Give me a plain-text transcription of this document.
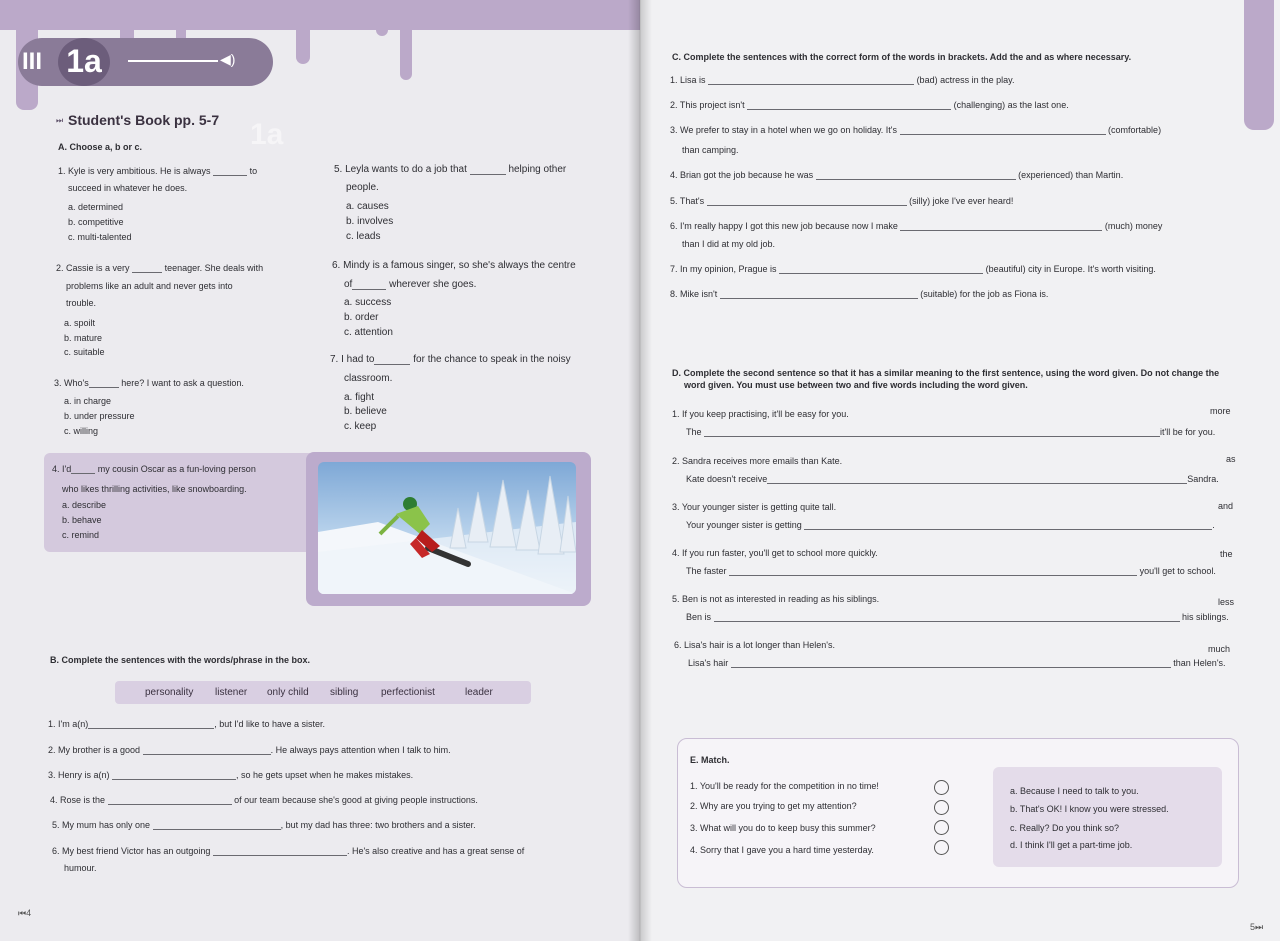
III 1a	◀)
1a
⏭ Student's Book pp. 5-7
A. Choose a, b or c.
1. Kyle is very ambitious. He is always	to
succeed in whatever he does.
a. determined
b. competitive
c. multi-talented
2. Cassie is a very	teenager. She deals with
problems like an adult and never gets into
trouble.
a. spoilt
b. mature
c. suitable
3. Who's	here? I want to ask a question.
a. in charge
b. under pressure
c. willing
4. I'd	my cousin Oscar as a fun-loving person
who likes thrilling activities, like snowboarding.
a. describe
b. behave
c. remind
5. Leyla wants to do a job that	helping other
people.
a. causes
b. involves
c. leads
6. Mindy is a famous singer, so she's always the centre
of	wherever she goes.
a. success
b. order
c. attention
7. I had to	for the chance to speak in the noisy
classroom.
a. fight
b. believe
c. keep
B. Complete the sentences with the words/phrase in the box.
personality listener only child sibling perfectionist	leader
1. I'm a(n)	, but I'd like to have a sister.
2. My brother is a good	. He always pays attention when I talk to him.
3. Henry is a(n)	, so he gets upset when he makes mistakes.
4. Rose is the	of our team because she's good at giving people instructions.
5. My mum has only one	, but my dad has three: two brothers and a sister.
6. My best friend Victor has an outgoing	. He's also creative and has a great sense of
humour.
⏮4
C. Complete the sentences with the correct form of the words in brackets. Add the and as where necessary.
1. Lisa is	(bad) actress in the play.
2. This project isn't	(challenging) as the last one.
3. We prefer to stay in a hotel when we go on holiday. It's	(comfortable)
than camping.
4. Brian got the job because he was	(experienced) than Martin.
5. That's	(silly) joke I've ever heard!
6. I'm really happy I got this new job because now I make	(much) money
than I did at my old job.
7. In my opinion, Prague is	(beautiful) city in Europe. It's worth visiting.
8. Mike isn't	(suitable) for the job as Fiona is.
D. Complete the second sentence so that it has a similar meaning to the first sentence, using the word given. Do not change the
word given. You must use between two and five words including the word given.
1. If you keep practising, it'll be easy for you.	more
The	it'll be for you.
2. Sandra receives more emails than Kate.	as
Kate doesn't receive	Sandra.
3. Your younger sister is getting quite tall.	and
Your younger sister is getting	.
4. If you run faster, you'll get to school more quickly.	the
The faster	you'll get to school.
5. Ben is not as interested in reading as his siblings.	less
Ben is	his siblings.
6. Lisa's hair is a lot longer than Helen's.	much
Lisa's hair	than Helen's.
E. Match.
1. You'll be ready for the competition in no time!
2. Why are you trying to get my attention?
3. What will you do to keep busy this summer?
4. Sorry that I gave you a hard time yesterday.
a. Because I need to talk to you.
b. That's OK! I know you were stressed.
c. Really? Do you think so?
d. I think I'll get a part-time job.
5⏭
